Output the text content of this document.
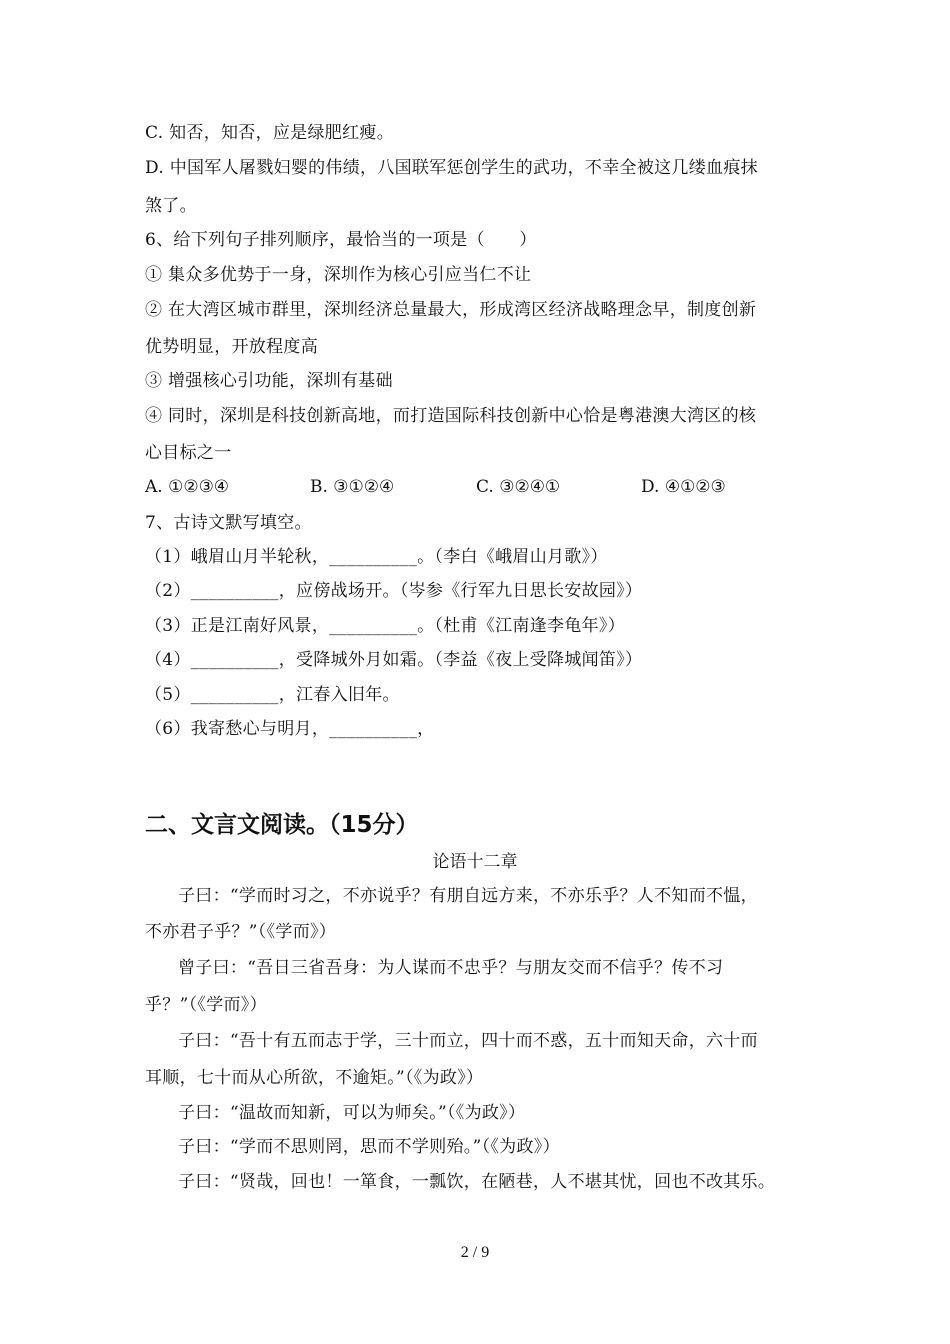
C. 知否，知否，应是绿肥红瘦。
D. 中国军人屠戮妇婴的伟绩，八国联军惩创学生的武功，不幸全被这几缕血痕抹
煞了。
6、给下列句子排列顺序，最恰当的一项是（　　）
① 集众多优势于一身，深圳作为核心引应当仁不让
② 在大湾区城市群里，深圳经济总量最大，形成湾区经济战略理念早，制度创新
优势明显，开放程度高
③ 增强核心引功能，深圳有基础
④ 同时，深圳是科技创新高地，而打造国际科技创新中心恰是粤港澳大湾区的核
心目标之一
A. ①②③④	B. ③①②④	C. ③②④①	D. ④①②③
7、古诗文默写填空。
（1）峨眉山月半轮秋，__________。（李白《峨眉山月歌》）
（2）__________，应傍战场开。（岑参《行军九日思长安故园》）
（3）正是江南好风景，__________。（杜甫《江南逢李龟年》）
（4）__________，受降城外月如霜。（李益《夜上受降城闻笛》）
（5）__________，江春入旧年。
（6）我寄愁心与明月，__________，
二、文言文阅读。（15分）
论语十二章
子曰：“学而时习之，不亦说乎？有朋自远方来，不亦乐乎？人不知而不愠，
不亦君子乎？”（《学而》）
曾子曰：“吾日三省吾身：为人谋而不忠乎？与朋友交而不信乎？传不习
乎？”（《学而》）
子曰：“吾十有五而志于学，三十而立，四十而不惑，五十而知天命，六十而
耳顺，七十而从心所欲，不逾矩。”（《为政》）
子曰：“温故而知新，可以为师矣。”（《为政》）
子曰：“学而不思则罔，思而不学则殆。”（《为政》）
子曰：“贤哉，回也！一箪食，一瓢饮，在陋巷，人不堪其忧，回也不改其乐。
2 / 9
